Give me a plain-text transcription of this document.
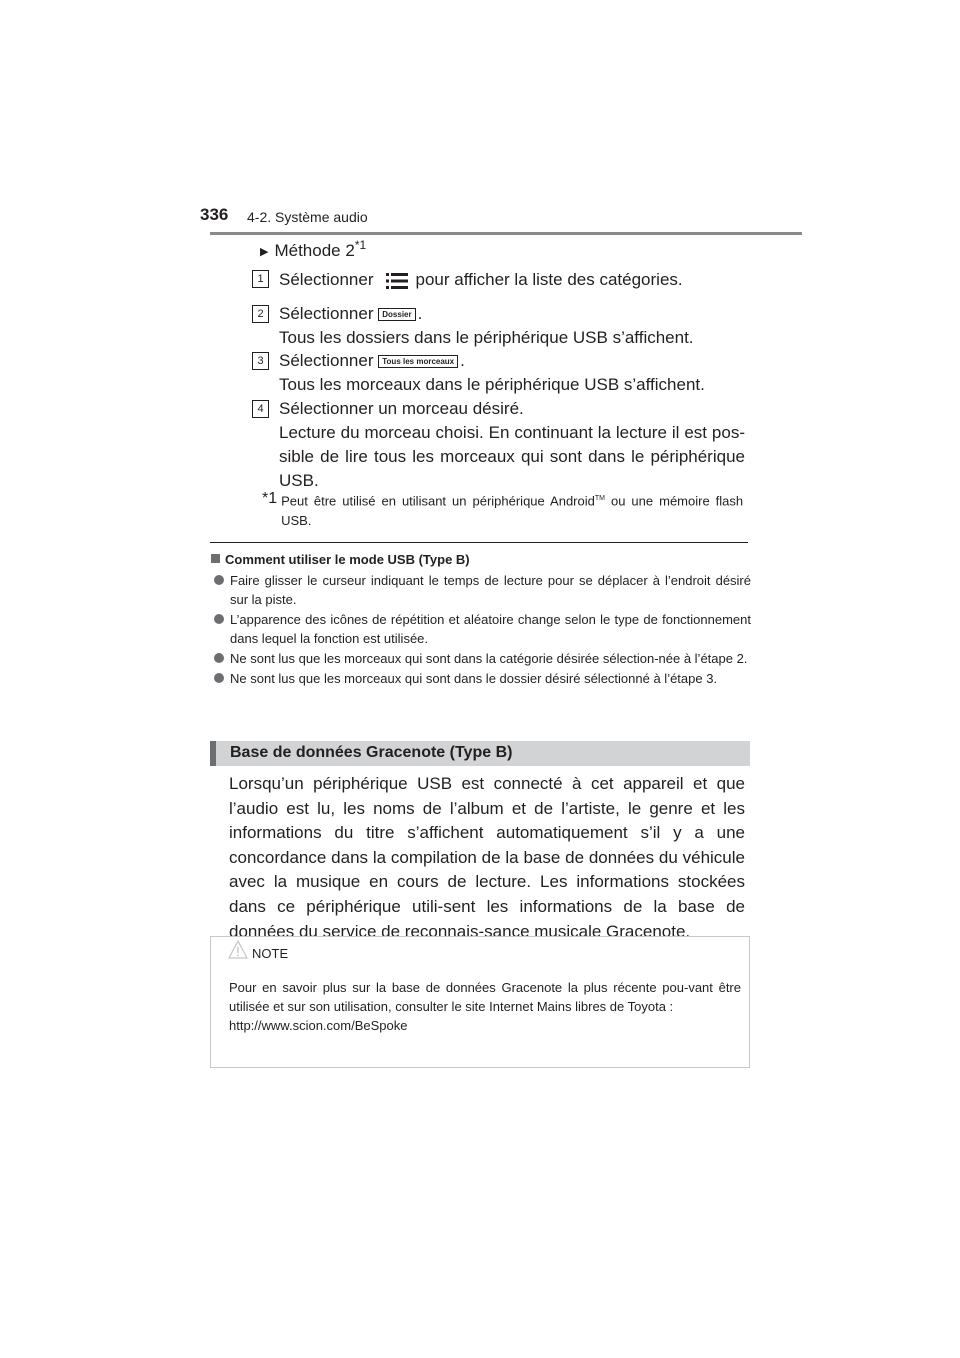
336 4-2. Système audio
▶ Méthode 2$^{*1}$
1 Sélectionner pour afficher la liste des catégories.
2 Sélectionner Dossier .
Tous les dossiers dans le périphérique USB s’affichent.
3 Sélectionner Tous les morceaux .
Tous les morceaux dans le périphérique USB s’affichent.
4 Sélectionner un morceau désiré.
Lecture du morceau choisi. En continuant la lecture il est pos-sible de lire tous les morceaux qui sont dans le périphérique USB.
*1 Peut être utilisé en utilisant un périphérique Android™ ou une mémoire flash USB.
Comment utiliser le mode USB (Type B)
Faire glisser le curseur indiquant le temps de lecture pour se déplacer à l’endroit désiré sur la piste.
L’apparence des icônes de répétition et aléatoire change selon le type de fonctionnement dans lequel la fonction est utilisée.
Ne sont lus que les morceaux qui sont dans la catégorie désirée sélection-née à l’étape 2.
Ne sont lus que les morceaux qui sont dans le dossier désiré sélectionné à l’étape 3.
Base de données Gracenote (Type B)
Lorsqu’un périphérique USB est connecté à cet appareil et que l’audio est lu, les noms de l’album et de l’artiste, le genre et les informations du titre s’affichent automatiquement s’il y a une concordance dans la compilation de la base de données du véhicule avec la musique en cours de lecture. Les informations stockées dans ce périphérique utili-sent les informations de la base de données du service de reconnais-sance musicale Gracenote.
NOTE
Pour en savoir plus sur la base de données Gracenote la plus récente pou-vant être utilisée et sur son utilisation, consulter le site Internet Mains libres de Toyota :
http://www.scion.com/BeSpoke
